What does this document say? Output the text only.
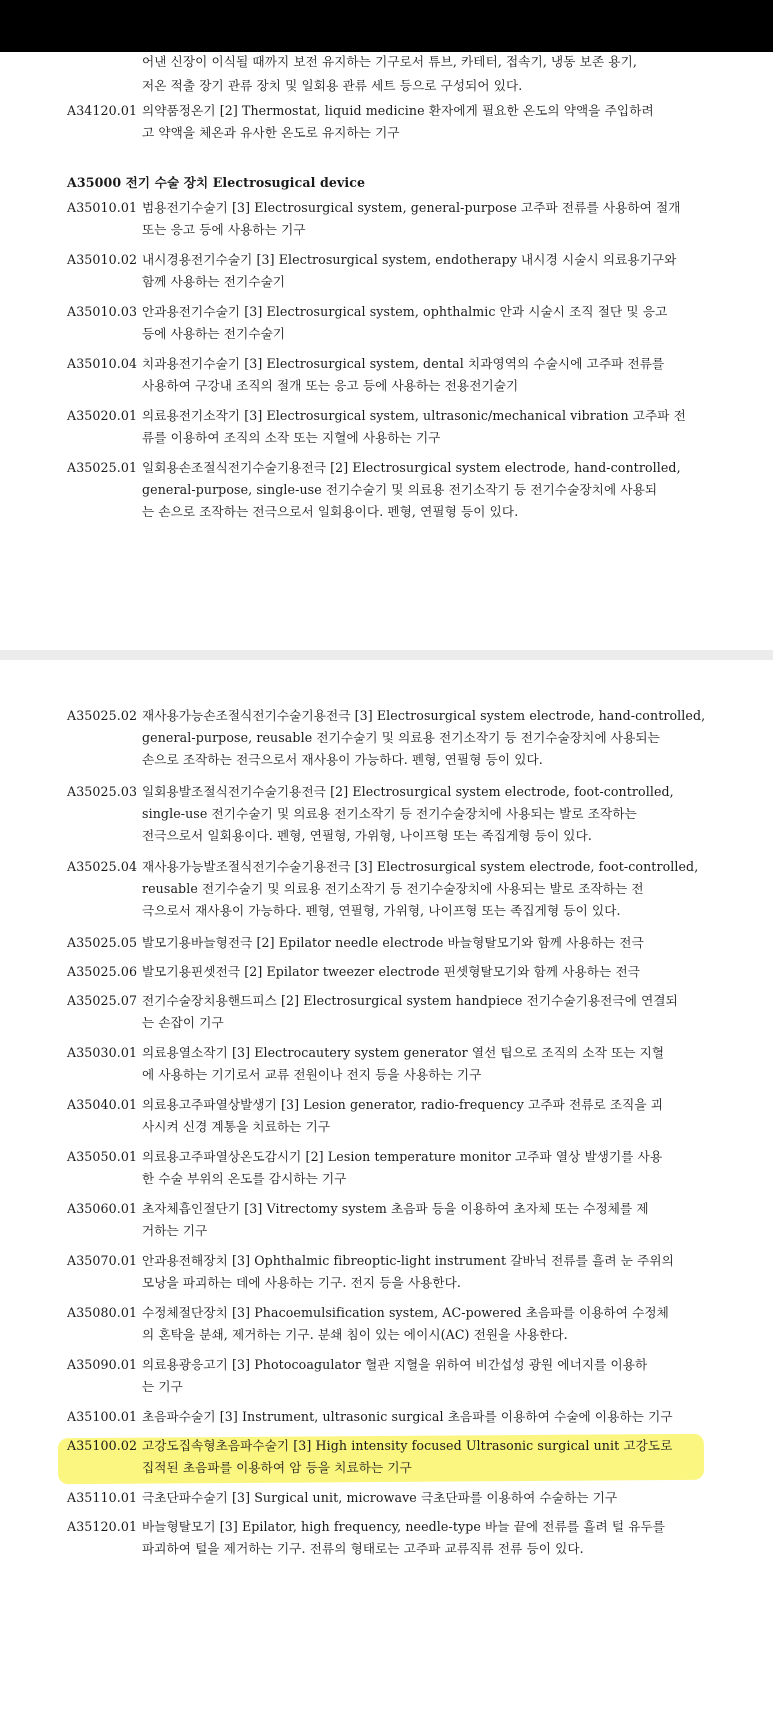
어낸 신장이 이식될 때까지 보전 유지하는 기구로서 튜브, 카테터, 접속기, 냉동 보존 용기,
저온 적출 장기 관류 장치 및 일회용 관류 세트 등으로 구성되어 있다.
A35000 전기 수술 장치 Electrosugical device
A34120.01 의약품정온기 [2] Thermostat, liquid medicine 환자에게 필요한 온도의 약액을 주입하려
고 약액을 체온과 유사한 온도로 유지하는 기구
A35010.01 범용전기수술기 [3] Electrosurgical system, general-purpose 고주파 전류를 사용하여 절개
또는 응고 등에 사용하는 기구
A35010.02 내시경용전기수술기 [3] Electrosurgical system, endotherapy 내시경 시술시 의료용기구와
함께 사용하는 전기수술기
A35010.03 안과용전기수술기 [3] Electrosurgical system, ophthalmic 안과 시술시 조직 절단 및 응고
등에 사용하는 전기수술기
A35010.04 치과용전기수술기 [3] Electrosurgical system, dental 치과영역의 수술시에 고주파 전류를
사용하여 구강내 조직의 절개 또는 응고 등에 사용하는 전용전기술기
A35020.01 의료용전기소작기 [3] Electrosurgical system, ultrasonic/mechanical vibration 고주파 전
류를 이용하여 조직의 소작 또는 지혈에 사용하는 기구
A35025.01 일회용손조절식전기수술기용전극 [2] Electrosurgical system electrode, hand-controlled,
general-purpose, single-use 전기수술기 및 의료용 전기소작기 등 전기수술장치에 사용되
는 손으로 조작하는 전극으로서 일회용이다. 펜형, 연필형 등이 있다.
A35025.02 재사용가능손조절식전기수술기용전극 [3] Electrosurgical system electrode, hand-controlled,
general-purpose, reusable 전기수술기 및 의료용 전기소작기 등 전기수술장치에 사용되는
손으로 조작하는 전극으로서 재사용이 가능하다. 펜형, 연필형 등이 있다.
A35025.03 일회용발조절식전기수술기용전극 [2] Electrosurgical system electrode, foot-controlled,
single-use 전기수술기 및 의료용 전기소작기 등 전기수술장치에 사용되는 발로 조작하는
전극으로서 일회용이다. 펜형, 연필형, 가위형, 나이프형 또는 족집게형 등이 있다.
A35025.04 재사용가능발조절식전기수술기용전극 [3] Electrosurgical system electrode, foot-controlled,
reusable 전기수술기 및 의료용 전기소작기 등 전기수술장치에 사용되는 발로 조작하는 전
극으로서 재사용이 가능하다. 펜형, 연필형, 가위형, 나이프형 또는 족집게형 등이 있다.
A35025.05 발모기용바늘형전극 [2] Epilator needle electrode 바늘형탈모기와 함께 사용하는 전극
A35025.06 발모기용핀셋전극 [2] Epilator tweezer electrode 핀셋형탈모기와 함께 사용하는 전극
A35025.07 전기수술장치용핸드피스 [2] Electrosurgical system handpiece 전기수술기용전극에 연결되
는 손잡이 기구
A35030.01 의료용열소작기 [3] Electrocautery system generator 열선 팁으로 조직의 소작 또는 지혈
에 사용하는 기기로서 교류 전원이나 전지 등을 사용하는 기구
A35040.01 의료용고주파열상발생기 [3] Lesion generator, radio-frequency 고주파 전류로 조직을 괴
사시켜 신경 계통을 치료하는 기구
A35050.01 의료용고주파열상온도감시기 [2] Lesion temperature monitor 고주파 열상 발생기를 사용
한 수술 부위의 온도를 감시하는 기구
A35060.01 초자체흡인절단기 [3] Vitrectomy system 초음파 등을 이용하여 초자체 또는 수정체를 제
거하는 기구
A35070.01 안과용전해장치 [3] Ophthalmic fibreoptic-light instrument 갈바닉 전류를 흘려 눈 주위의
모낭을 파괴하는 데에 사용하는 기구. 전지 등을 사용한다.
A35080.01 수정체절단장치 [3] Phacoemulsification system, AC-powered 초음파를 이용하여 수정체
의 혼탁을 분쇄, 제거하는 기구. 분쇄 침이 있는 에이시(AC) 전원을 사용한다.
A35090.01 의료용광응고기 [3] Photocoagulator 혈관 지혈을 위하여 비간섭성 광원 에너지를 이용하
는 기구
A35100.01 초음파수술기 [3] Instrument, ultrasonic surgical 초음파를 이용하여 수술에 이용하는 기구
A35100.02 고강도집속형초음파수술기 [3] High intensity focused Ultrasonic surgical unit 고강도로
집적된 초음파를 이용하여 암 등을 치료하는 기구
A35110.01 극초단파수술기 [3] Surgical unit, microwave 극초단파를 이용하여 수술하는 기구
A35120.01 바늘형탈모기 [3] Epilator, high frequency, needle-type 바늘 끝에 전류를 흘려 털 유두를
파괴하여 털을 제거하는 기구. 전류의 형태로는 고주파 교류직류 전류 등이 있다.
